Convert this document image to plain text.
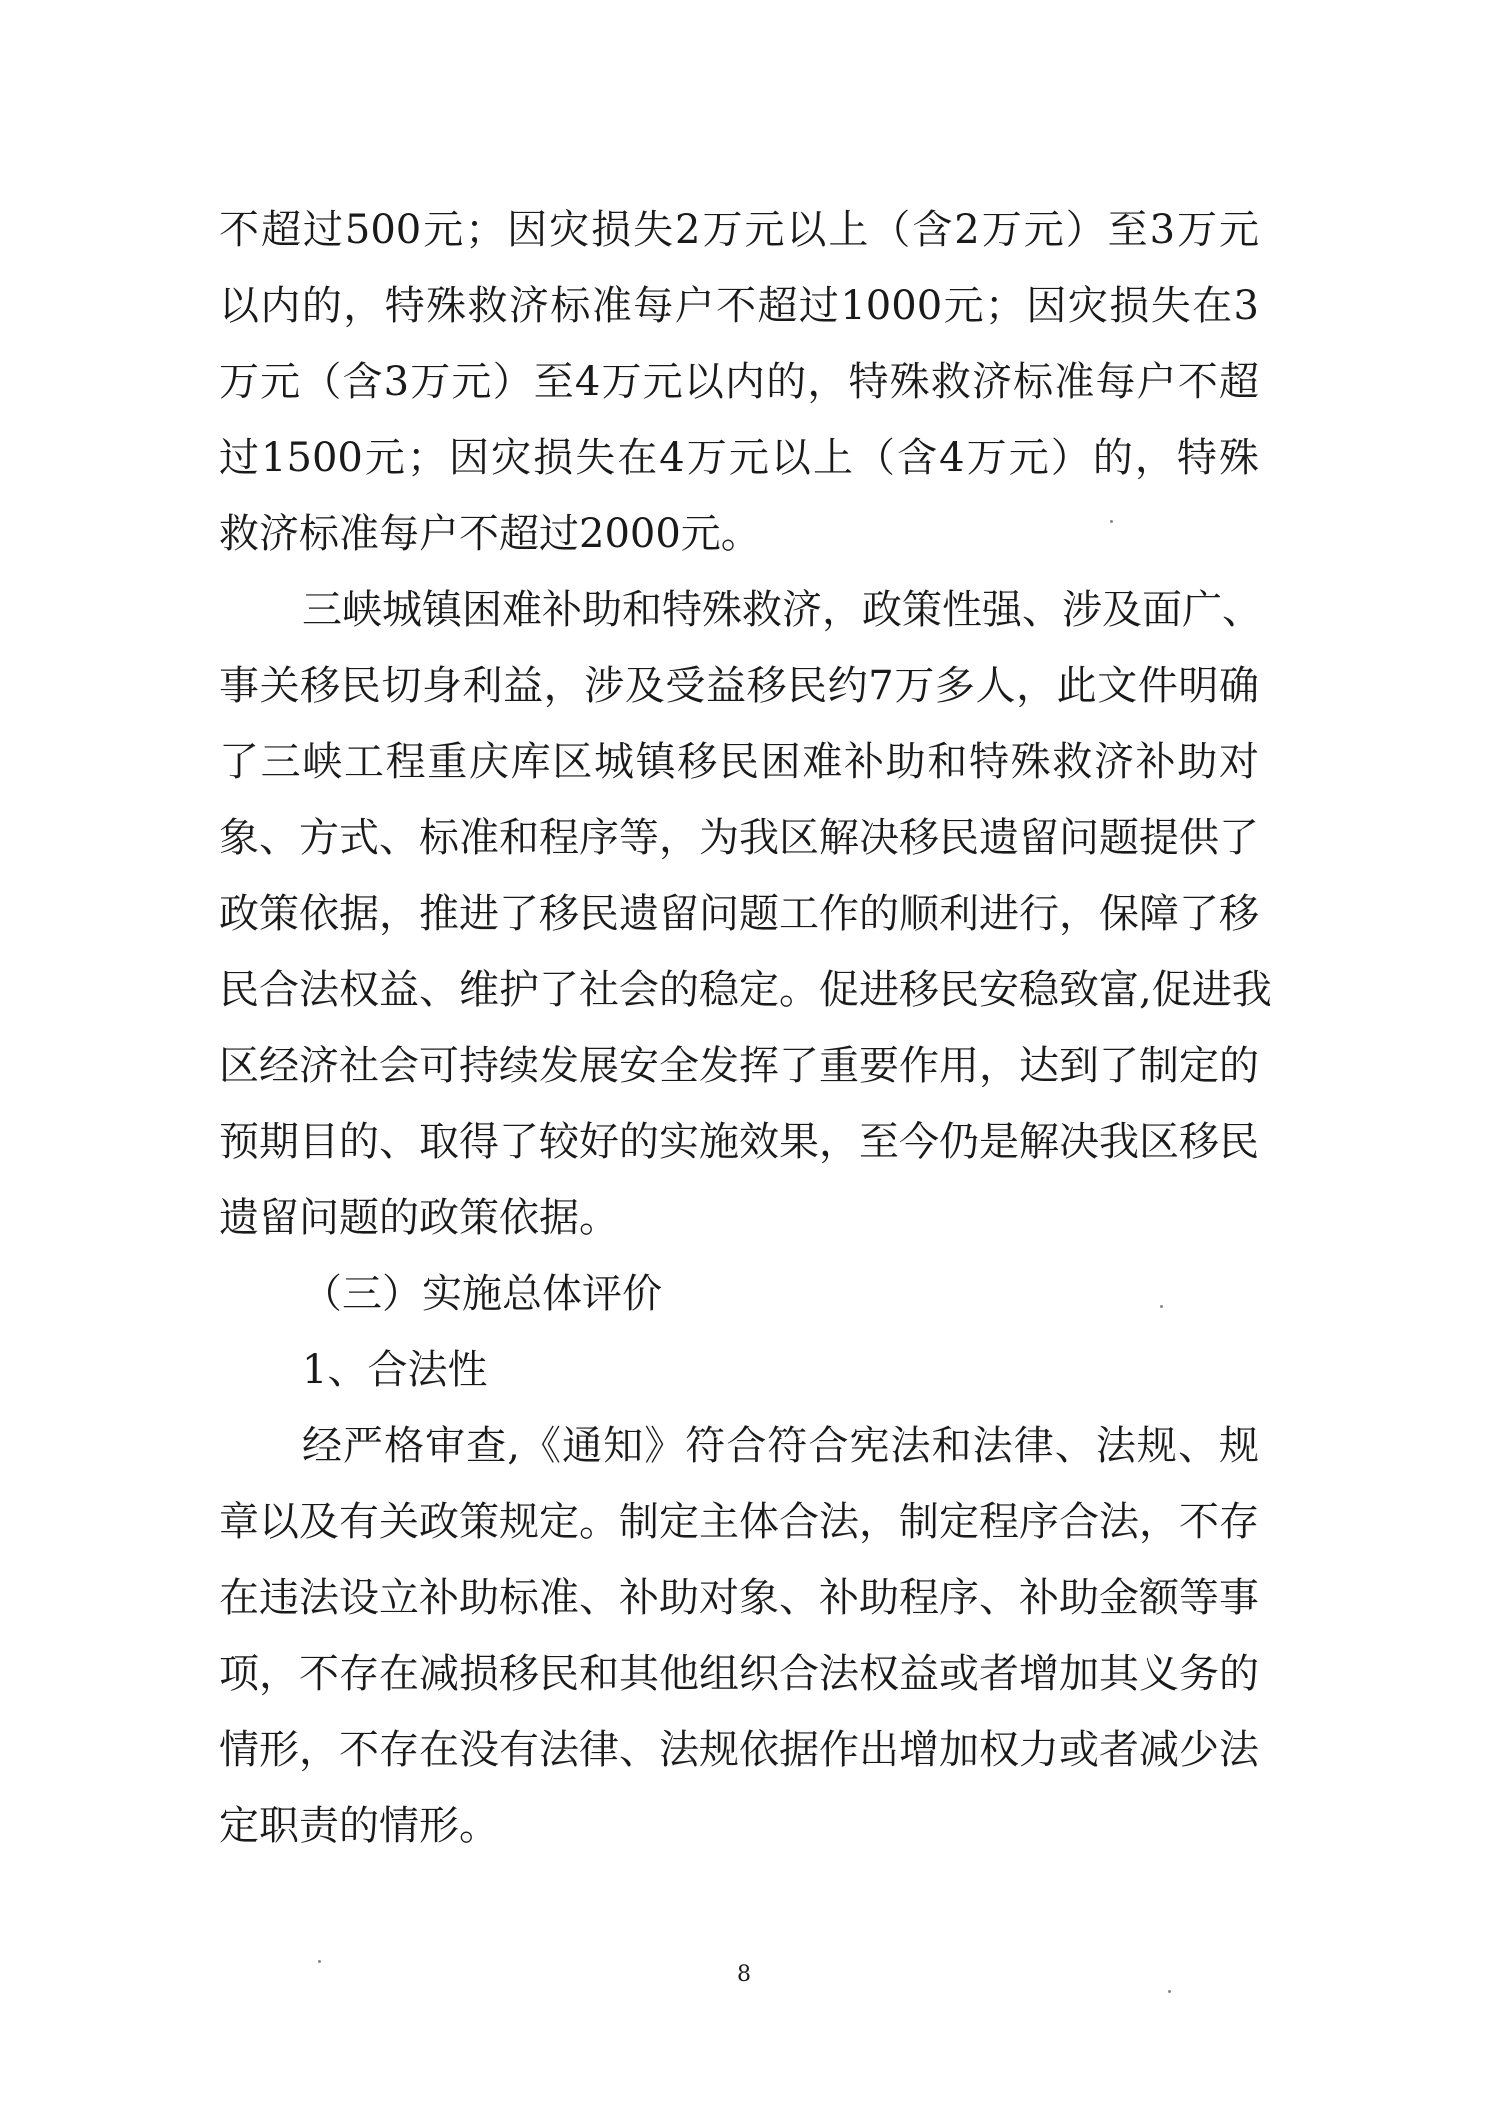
不超过500元；因灾损失2万元以上（含2万元）至3万元
以内的，特殊救济标准每户不超过1000元；因灾损失在3
万元（含3万元）至4万元以内的，特殊救济标准每户不超
过1500元；因灾损失在4万元以上（含4万元）的，特殊
救济标准每户不超过2000元。
三峡城镇困难补助和特殊救济，政策性强、涉及面广、
事关移民切身利益，涉及受益移民约7万多人，此文件明确
了三峡工程重庆库区城镇移民困难补助和特殊救济补助对
象、方式、标准和程序等，为我区解决移民遗留问题提供了
政策依据，推进了移民遗留问题工作的顺利进行，保障了移
民合法权益、维护了社会的稳定。促进移民安稳致富,促进我
区经济社会可持续发展安全发挥了重要作用，达到了制定的
预期目的、取得了较好的实施效果，至今仍是解决我区移民
遗留问题的政策依据。
（三）实施总体评价
1、合法性
经严格审查,《通知》符合符合宪法和法律、法规、规
章以及有关政策规定。制定主体合法，制定程序合法，不存
在违法设立补助标准、补助对象、补助程序、补助金额等事
项，不存在减损移民和其他组织合法权益或者增加其义务的
情形，不存在没有法律、法规依据作出增加权力或者减少法
定职责的情形。
8
